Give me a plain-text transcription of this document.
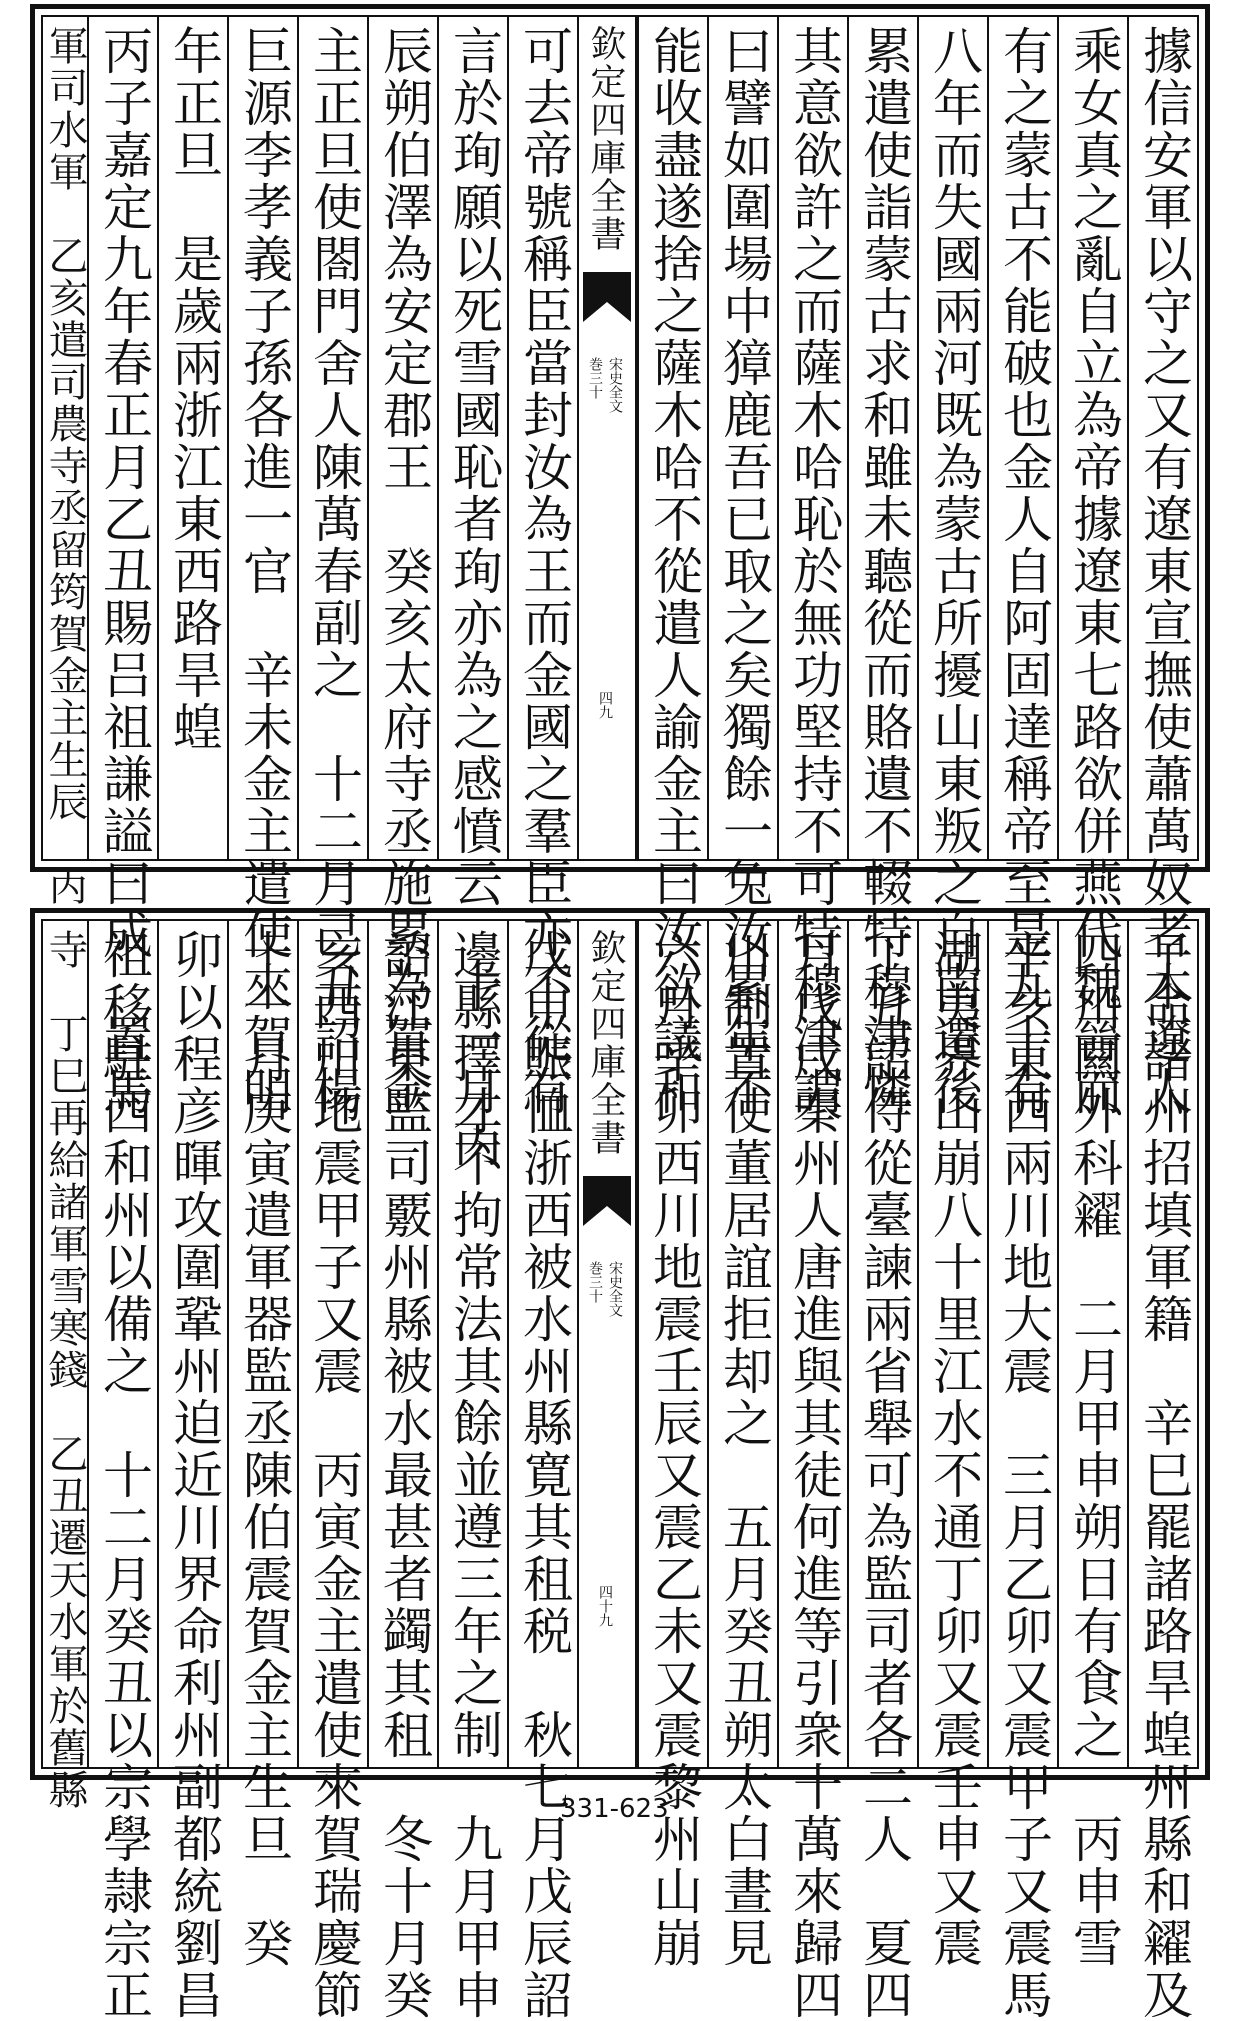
據信安軍以守之又有遼東宣撫使蕭萬奴者本遼人
乘女真之亂自立為帝據遼東七路欲併燕代魏晉而
有之蒙古不能破也金人自阿固達稱帝至是九十有
八年而失國兩河既為蒙古所擾山東叛之自南遷後
累遣使詣蒙古求和雖未聽從而賂遺不輟特穆津憐
其意欲許之而薩木哈恥於無功堅持不可特穆津謂
曰譬如圍場中獐鹿吾已取之矣獨餘一兔汝累年不
能收盡遂捨之薩木哈不從遣人諭金主曰汝欲議和
欽定四庫全書
宋史全文
巻三十
四九
可去帝號稱臣當封汝為王而金國之羣臣亦不從有
言於珣願以死雪國恥者珣亦為之感憤云　十一月丙
辰朔伯澤為安定郡王　癸亥太府寺丞施累為賀金
主正旦使閤門舍人陳萬春副之　十二月己丑詔楊
巨源李孝義子孫各進一官　辛未金主遣使來賀明
年正旦　是歲兩浙江東西路旱蝗
丙子嘉定九年春正月乙丑賜吕祖謙謚曰成　置馬
軍司水軍　乙亥遣司農寺丞留筠賀金主生辰　丙
子命諸州招填軍籍　辛巳罷諸路旱蝗州縣和糴及
四川闗外科糴　二月甲申朔日有食之　丙申雪
辛亥東西兩川地大震　三月乙卯又震甲子又震馬
湖夷界山崩八十里江水不通丁卯又震壬申又震
丁丑詔侍從臺諫兩省舉可為監司者各二人　夏四
月戊戌秦州人唐進與其徒何進等引衆十萬來歸四
川制置使董居誼拒却之　五月癸丑朔太白晝見
六月辛卯西川地震壬辰又震乙未又震黎州山崩
欽定四庫全書
宋史全文
巻三十
四十九
戊申賑恤浙西被水州縣寛其租税　秋七月戊辰詔
邊縣擇才不拘常法其餘並遵三年之制　九月甲申
詔江東監司覈州縣被水最甚者蠲其租　冬十月癸
亥西川地震甲子又震　丙寅金主遣使來賀瑞慶節
十一月庚寅遣軍器監丞陳伯震賀金主生旦　癸
卯以程彦暉攻圍鞏州迫近川界命利州副都統劉昌
祖移駐西和州以備之　十二月癸丑以宗學隷宗正
寺　丁巳再給諸軍雪寒錢　乙丑遷天水軍於舊縣	331-623
